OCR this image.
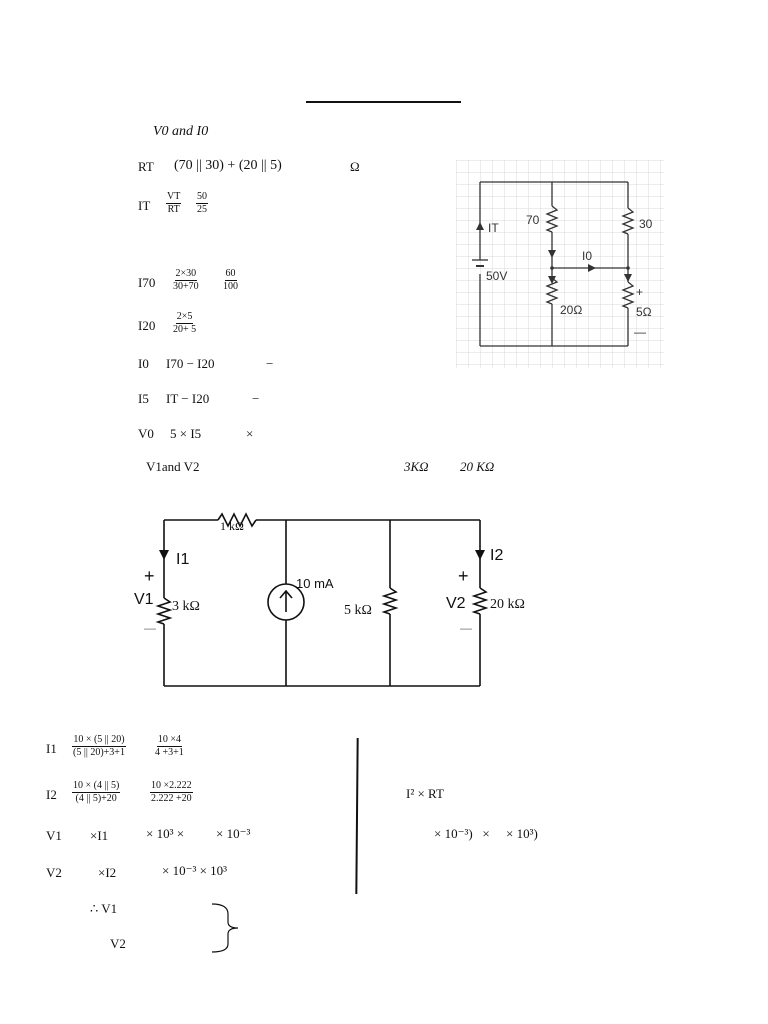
V0 and I0
RT (70 || 30) + (20 || 5)	Ω
IT $\frac{VT}{RT} \frac{50}{25}$
$I70 \frac{2\times 30}{30+70} \frac{60}{100}$
$I20 \frac{2\times 5}{20+ 5}$
I0 I70 − I20	−
I5 IT − I20	−
V0 5 × I5	×
IT
70	30
I0
50V
20Ω	5Ω
+
—
V1and V2	3KΩ 20 KΩ
1 kΩ
I1	I2
+	+
V1	V2
3 kΩ
10 mA
5 kΩ	20 kΩ
—	—
$I1 \frac{10 \times (5 || 20)}{(5 || 20)+3+1}$	$\frac{10 \times 4}{4 +3+1}$
$I2 \frac{10 \times (4 || 5)}{(4 || 5)+20}$	$\frac{10 \times 2.222}{2.222 +20}$
V1 ×I1	× 10³ × × 10⁻³
V2	×I2	× 10⁻³ × 10³
∴ V1
V2
I² × RT
× 10⁻³)   ×     × 10³)
